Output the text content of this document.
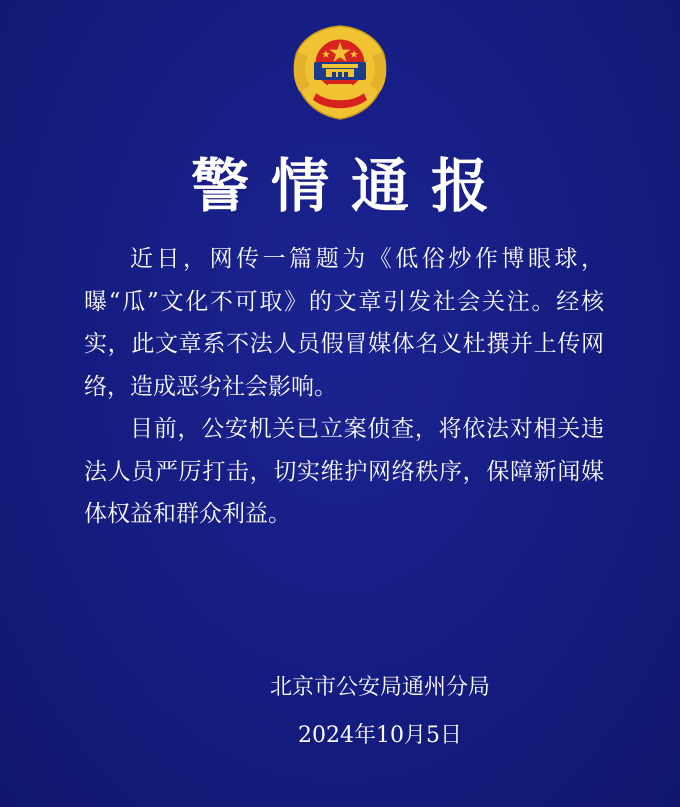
警情通报

近日，网传一篇题为《低俗炒作博眼球，曝“瓜”文化不可取》的文章引发社会关注。经核实，此文章系不法人员假冒媒体名义杜撰并上传网络，造成恶劣社会影响。

目前，公安机关已立案侦查，将依法对相关违法人员严厉打击，切实维护网络秩序，保障新闻媒体权益和群众利益。

北京市公安局通州分局
2024年10月5日
